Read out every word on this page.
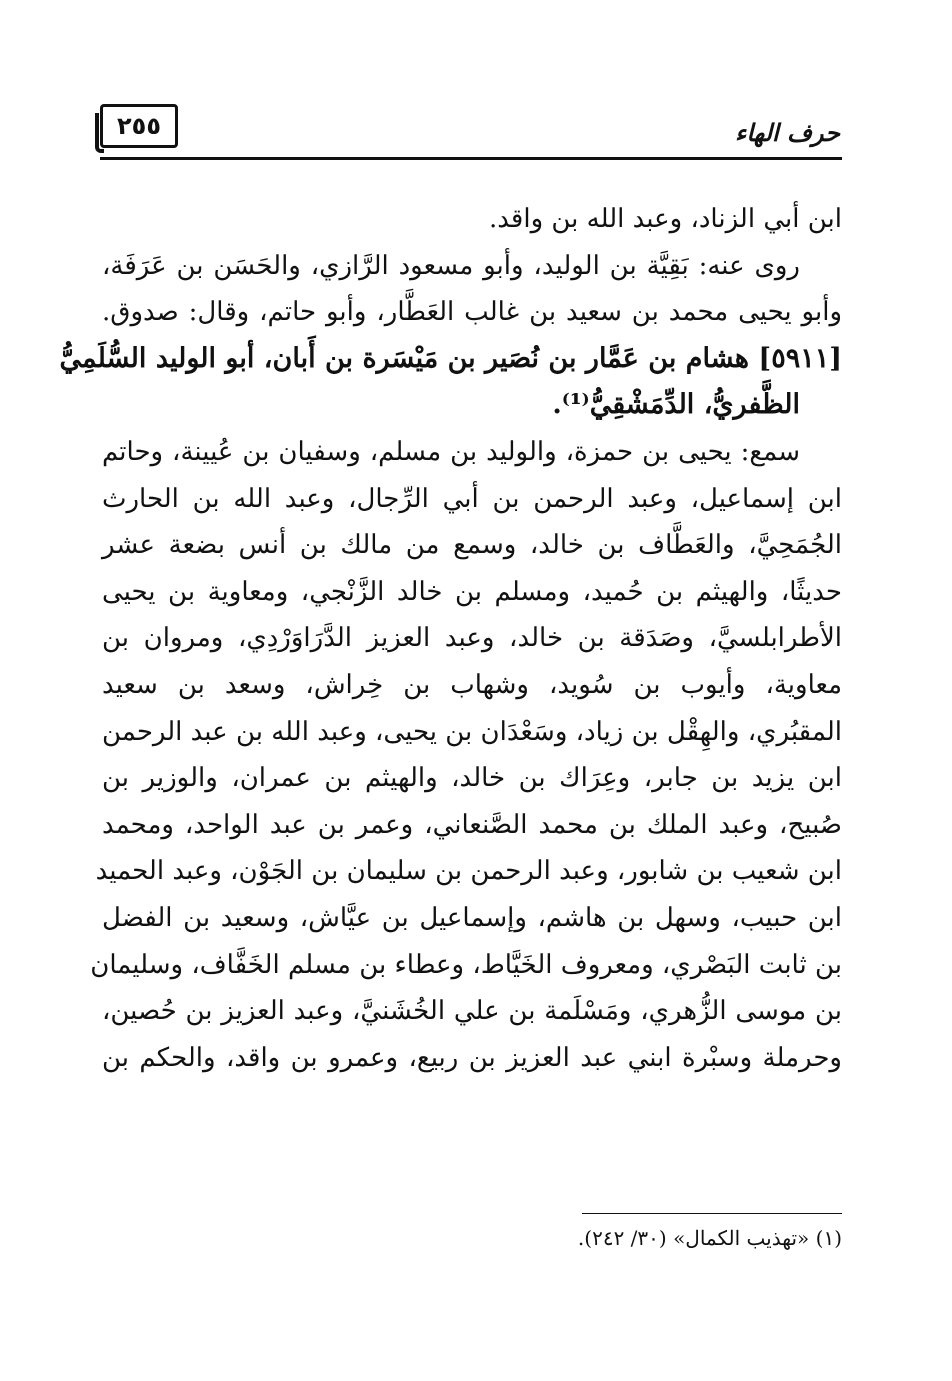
٢٥٥	حرف الهاء
ابن أبي الزناد، وعبد الله بن واقد.
روى عنه: بَقِيَّة بن الوليد، وأبو مسعود الرَّازي، والحَسَن بن عَرَفَة،
وأبو يحيى محمد بن سعيد بن غالب العَطَّار، وأبو حاتم، وقال: صدوق.
[٥٩١١] هشام بن عَمَّار بن نُصَير بن مَيْسَرة بن أَبان، أبو الوليد السُّلَمِيُّ
الظَّفريُّ، الدِّمَشْقِيُّ⁽¹⁾.
سمع: يحيى بن حمزة، والوليد بن مسلم، وسفيان بن عُيينة، وحاتم
ابن إسماعيل، وعبد الرحمن بن أبي الرِّجال، وعبد الله بن الحارث
الجُمَحِيَّ، والعَطَّاف بن خالد، وسمع من مالك بن أنس بضعة عشر
حديثًا، والهيثم بن حُميد، ومسلم بن خالد الزَّنْجي، ومعاوية بن يحيى
الأطرابلسيَّ، وصَدَقة بن خالد، وعبد العزيز الدَّرَاوَرْدِي، ومروان بن
معاوية، وأيوب بن سُويد، وشهاب بن خِراش، وسعد بن سعيد
المقبُري، والهِقْل بن زياد، وسَعْدَان بن يحيى، وعبد الله بن عبد الرحمن
ابن يزيد بن جابر، وعِرَاك بن خالد، والهيثم بن عمران، والوزير بن
صُبيح، وعبد الملك بن محمد الصَّنعاني، وعمر بن عبد الواحد، ومحمد
ابن شعيب بن شابور، وعبد الرحمن بن سليمان بن الجَوْن، وعبد الحميد
ابن حبيب، وسهل بن هاشم، وإسماعيل بن عيَّاش، وسعيد بن الفضل
بن ثابت البَصْري، ومعروف الخَيَّاط، وعطاء بن مسلم الخَفَّاف، وسليمان
بن موسى الزُّهري، ومَسْلَمة بن علي الخُشَنيَّ، وعبد العزيز بن حُصين،
وحرملة وسبْرة ابني عبد العزيز بن ربيع، وعمرو بن واقد، والحكم بن
(١) «تهذيب الكمال» (٣٠/ ٢٤٢).
